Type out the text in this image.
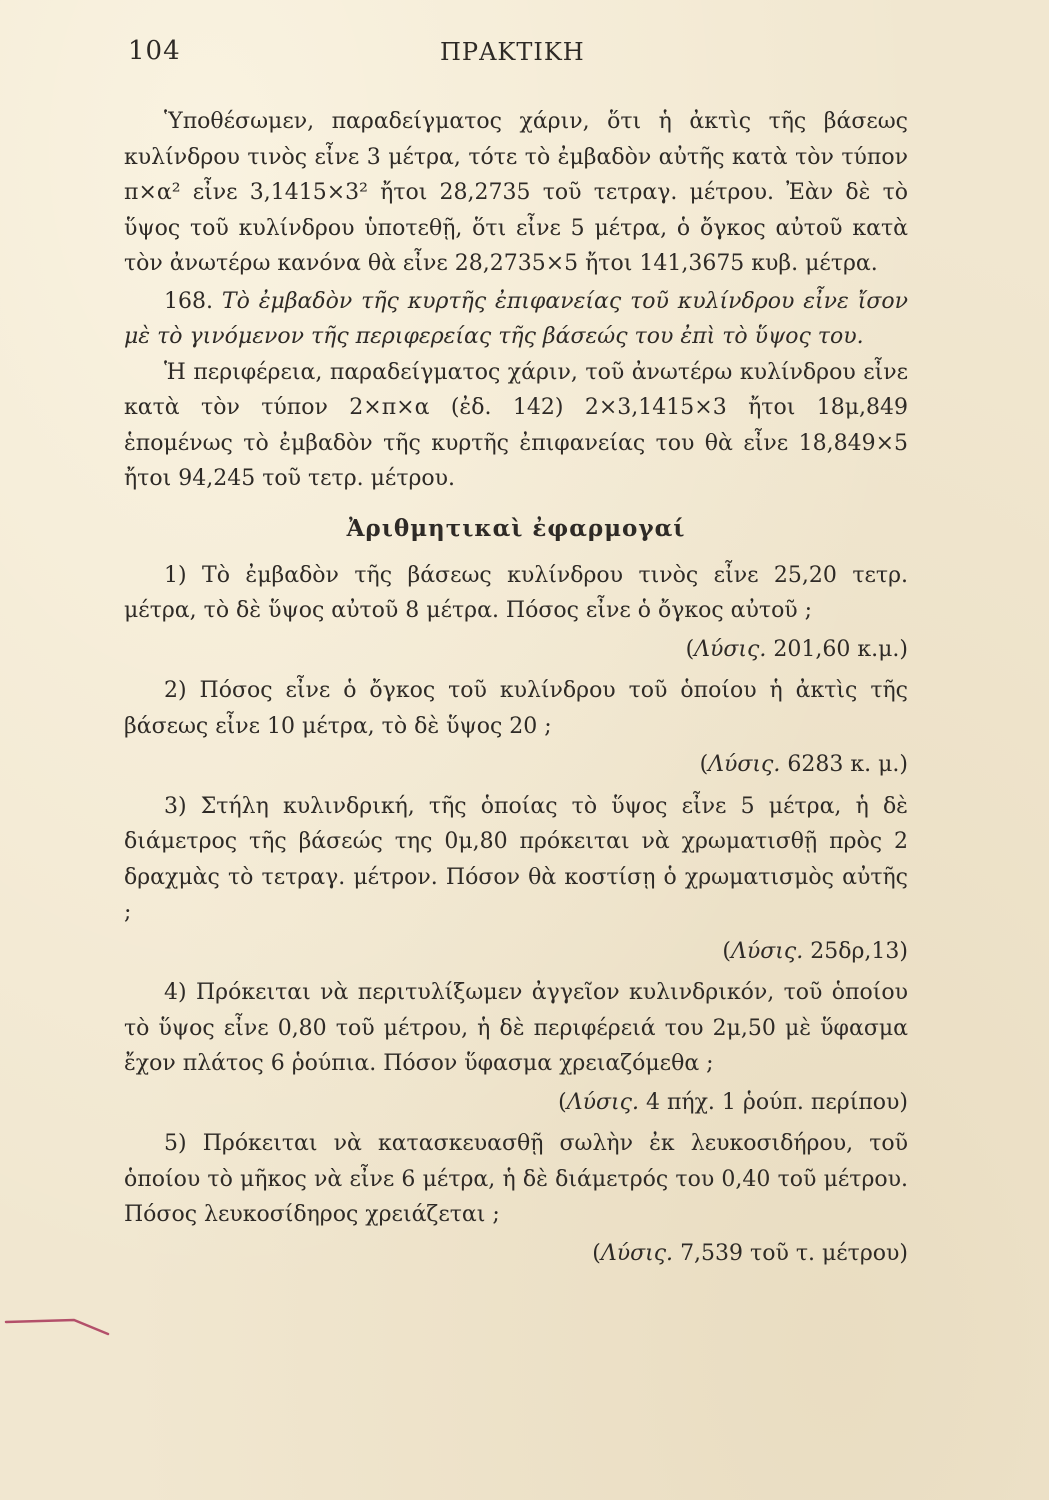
104	ΠΡΑΚΤΙΚΗ

Ὑποθέσωμεν, παραδείγματος χάριν, ὅτι ἡ ἀκτὶς τῆς βάσεως κυλίνδρου τινὸς εἶνε 3 μέτρα, τότε τὸ ἐμβαδὸν αὐτῆς κατὰ τὸν τύπον π×α² εἶνε 3,1415×3² ἤτοι 28,2735 τοῦ τετραγ. μέτρου. Ἐὰν δὲ τὸ ὕψος τοῦ κυλίνδρου ὑποτεθῇ, ὅτι εἶνε 5 μέτρα, ὁ ὄγκος αὐτοῦ κατὰ τὸν ἀνωτέρω κανόνα θὰ εἶνε 28,2735×5 ἤτοι 141,3675 κυβ. μέτρα.

168. Τὸ ἐμβαδὸν τῆς κυρτῆς ἐπιφανείας τοῦ κυλίνδρου εἶνε ἴσον μὲ τὸ γινόμενον τῆς περιφερείας τῆς βάσεώς του ἐπὶ τὸ ὕψος του.

Ἡ περιφέρεια, παραδείγματος χάριν, τοῦ ἀνωτέρω κυλίνδρου εἶνε κατὰ τὸν τύπον 2×π×α (ἐδ. 142) 2×3,1415×3 ἤτοι 18μ,849 ἑπομένως τὸ ἐμβαδὸν τῆς κυρτῆς ἐπιφανείας του θὰ εἶνε 18,849×5 ἤτοι 94,245 τοῦ τετρ. μέτρου.

Ἀριθμητικαὶ ἐφαρμογαί

1) Τὸ ἐμβαδὸν τῆς βάσεως κυλίνδρου τινὸς εἶνε 25,20 τετρ. μέτρα, τὸ δὲ ὕψος αὐτοῦ 8 μέτρα. Πόσος εἶνε ὁ ὄγκος αὐτοῦ ;

(Λύσις. 201,60 κ.μ.)

2) Πόσος εἶνε ὁ ὄγκος τοῦ κυλίνδρου τοῦ ὁποίου ἡ ἀκτὶς τῆς βάσεως εἶνε 10 μέτρα, τὸ δὲ ὕψος 20 ;

(Λύσις. 6283 κ. μ.)

3) Στήλη κυλινδρική, τῆς ὁποίας τὸ ὕψος εἶνε 5 μέτρα, ἡ δὲ διάμετρος τῆς βάσεώς της 0μ,80 πρόκειται νὰ χρωματισθῇ πρὸς 2 δραχμὰς τὸ τετραγ. μέτρον. Πόσον θὰ κοστίσῃ ὁ χρωματισμὸς αὐτῆς ;

(Λύσις. 25δρ,13)

4) Πρόκειται νὰ περιτυλίξωμεν ἀγγεῖον κυλινδρικόν, τοῦ ὁποίου τὸ ὕψος εἶνε 0,80 τοῦ μέτρου, ἡ δὲ περιφέρειά του 2μ,50 μὲ ὕφασμα ἔχον πλάτος 6 ῥούπια. Πόσον ὕφασμα χρειαζόμεθα ;

(Λύσις. 4 πήχ. 1 ῥούπ. περίπου)

5) Πρόκειται νὰ κατασκευασθῇ σωλὴν ἐκ λευκοσιδήρου, τοῦ ὁποίου τὸ μῆκος νὰ εἶνε 6 μέτρα, ἡ δὲ διάμετρός του 0,40 τοῦ μέτρου. Πόσος λευκοσίδηρος χρειάζεται ;

(Λύσις. 7,539 τοῦ τ. μέτρου)
